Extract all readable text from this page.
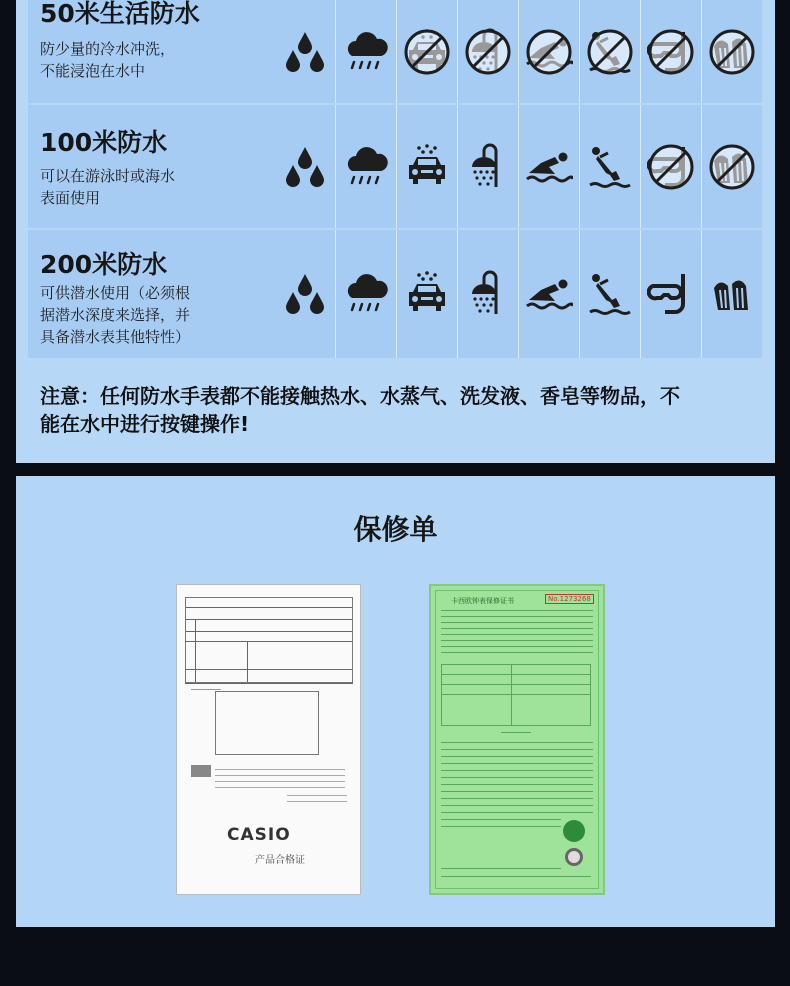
50米生活防水
防少量的冷水冲洗，
不能浸泡在水中
100米防水
可以在游泳时或海水
表面使用
200米防水
可供潜水使用（必须根
据潜水深度来选择，并
具备潜水表其他特性）
注意：任何防水手表都不能接触热水、水蒸气、洗发液、香皂等物品，不
能在水中进行按键操作!
保修单
CASIO
产品合格证
卡西欧钟表保修证书	No.1273268
